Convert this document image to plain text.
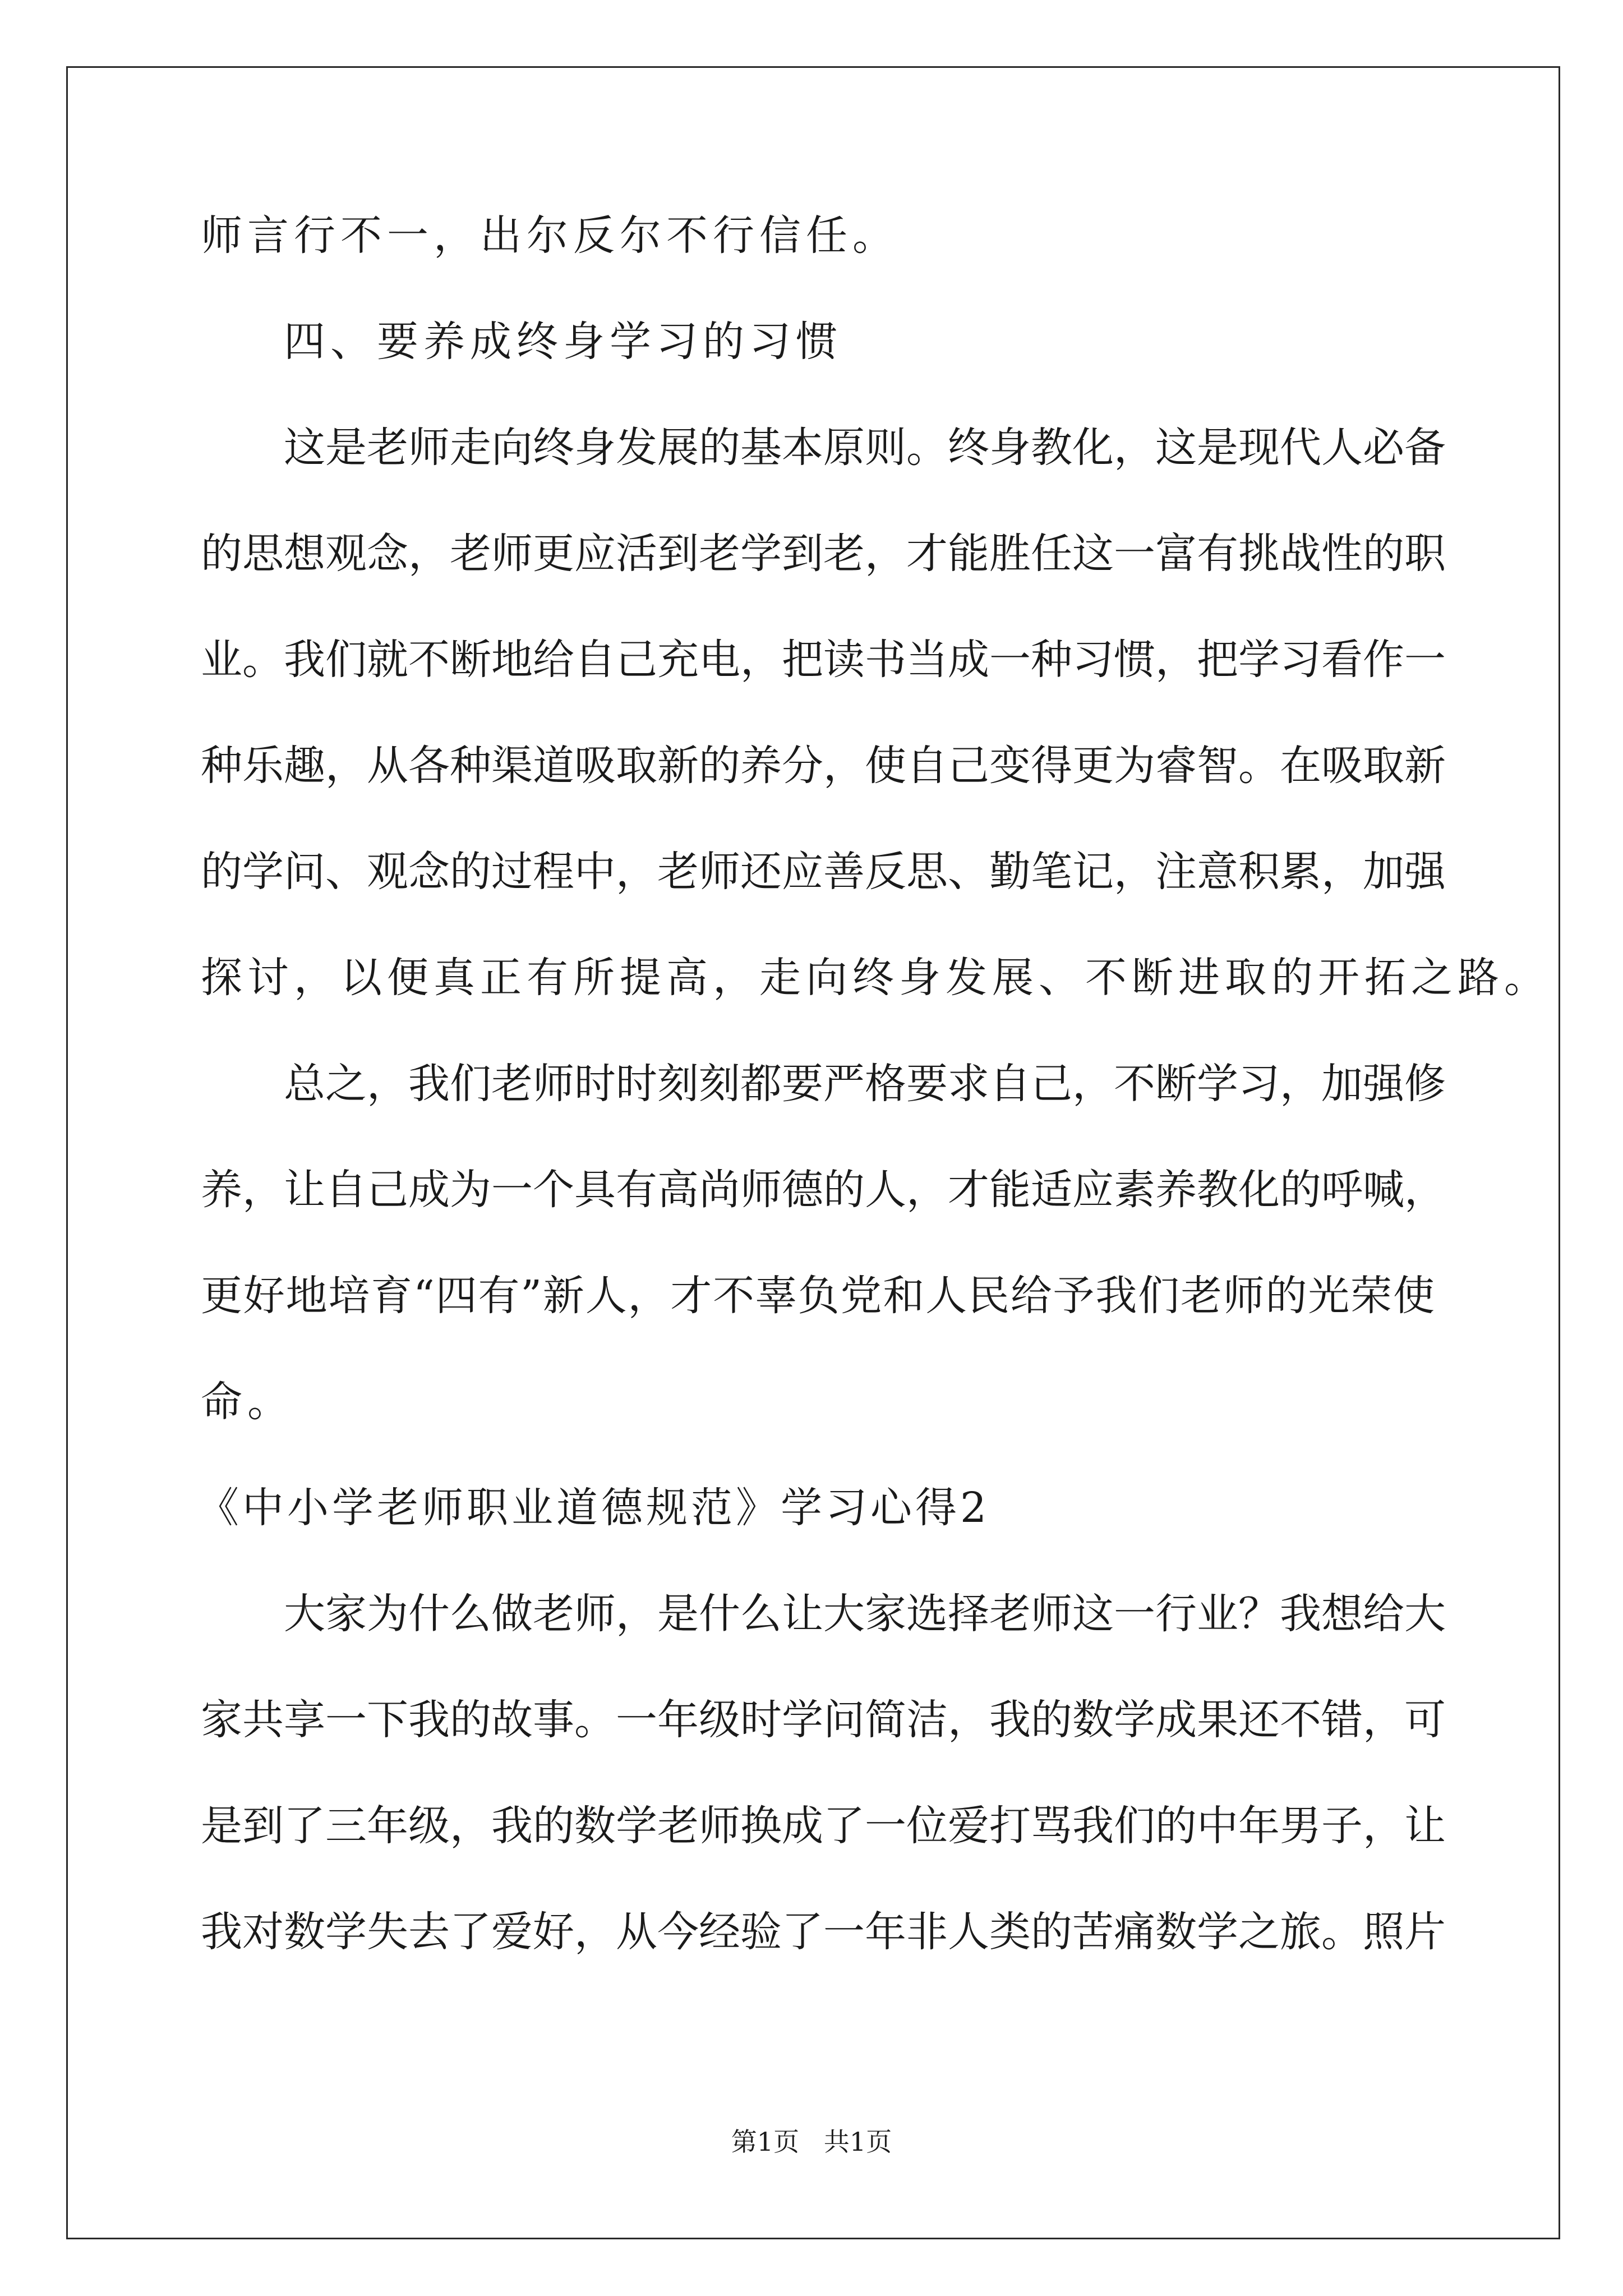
师言行不一，出尔反尔不行信任。
四、要养成终身学习的习惯
这是老师走向终身发展的基本原则。终身教化，这是现代人必备
的思想观念，老师更应活到老学到老，才能胜任这一富有挑战性的职
业。我们就不断地给自己充电，把读书当成一种习惯，把学习看作一
种乐趣，从各种渠道吸取新的养分，使自己变得更为睿智。在吸取新
的学问、观念的过程中，老师还应善反思、勤笔记，注意积累，加强
探讨，以便真正有所提高，走向终身发展、不断进取的开拓之路。
总之，我们老师时时刻刻都要严格要求自己，不断学习，加强修
养，让自己成为一个具有高尚师德的人，才能适应素养教化的呼喊，
更好地培育“四有”新人，才不辜负党和人民给予我们老师的光荣使
命。
《中小学老师职业道德规范》学习心得2
大家为什么做老师，是什么让大家选择老师这一行业？我想给大
家共享一下我的故事。一年级时学问简洁，我的数学成果还不错，可
是到了三年级，我的数学老师换成了一位爱打骂我们的中年男子，让
我对数学失去了爱好，从今经验了一年非人类的苦痛数学之旅。照片
第1页   共1页
